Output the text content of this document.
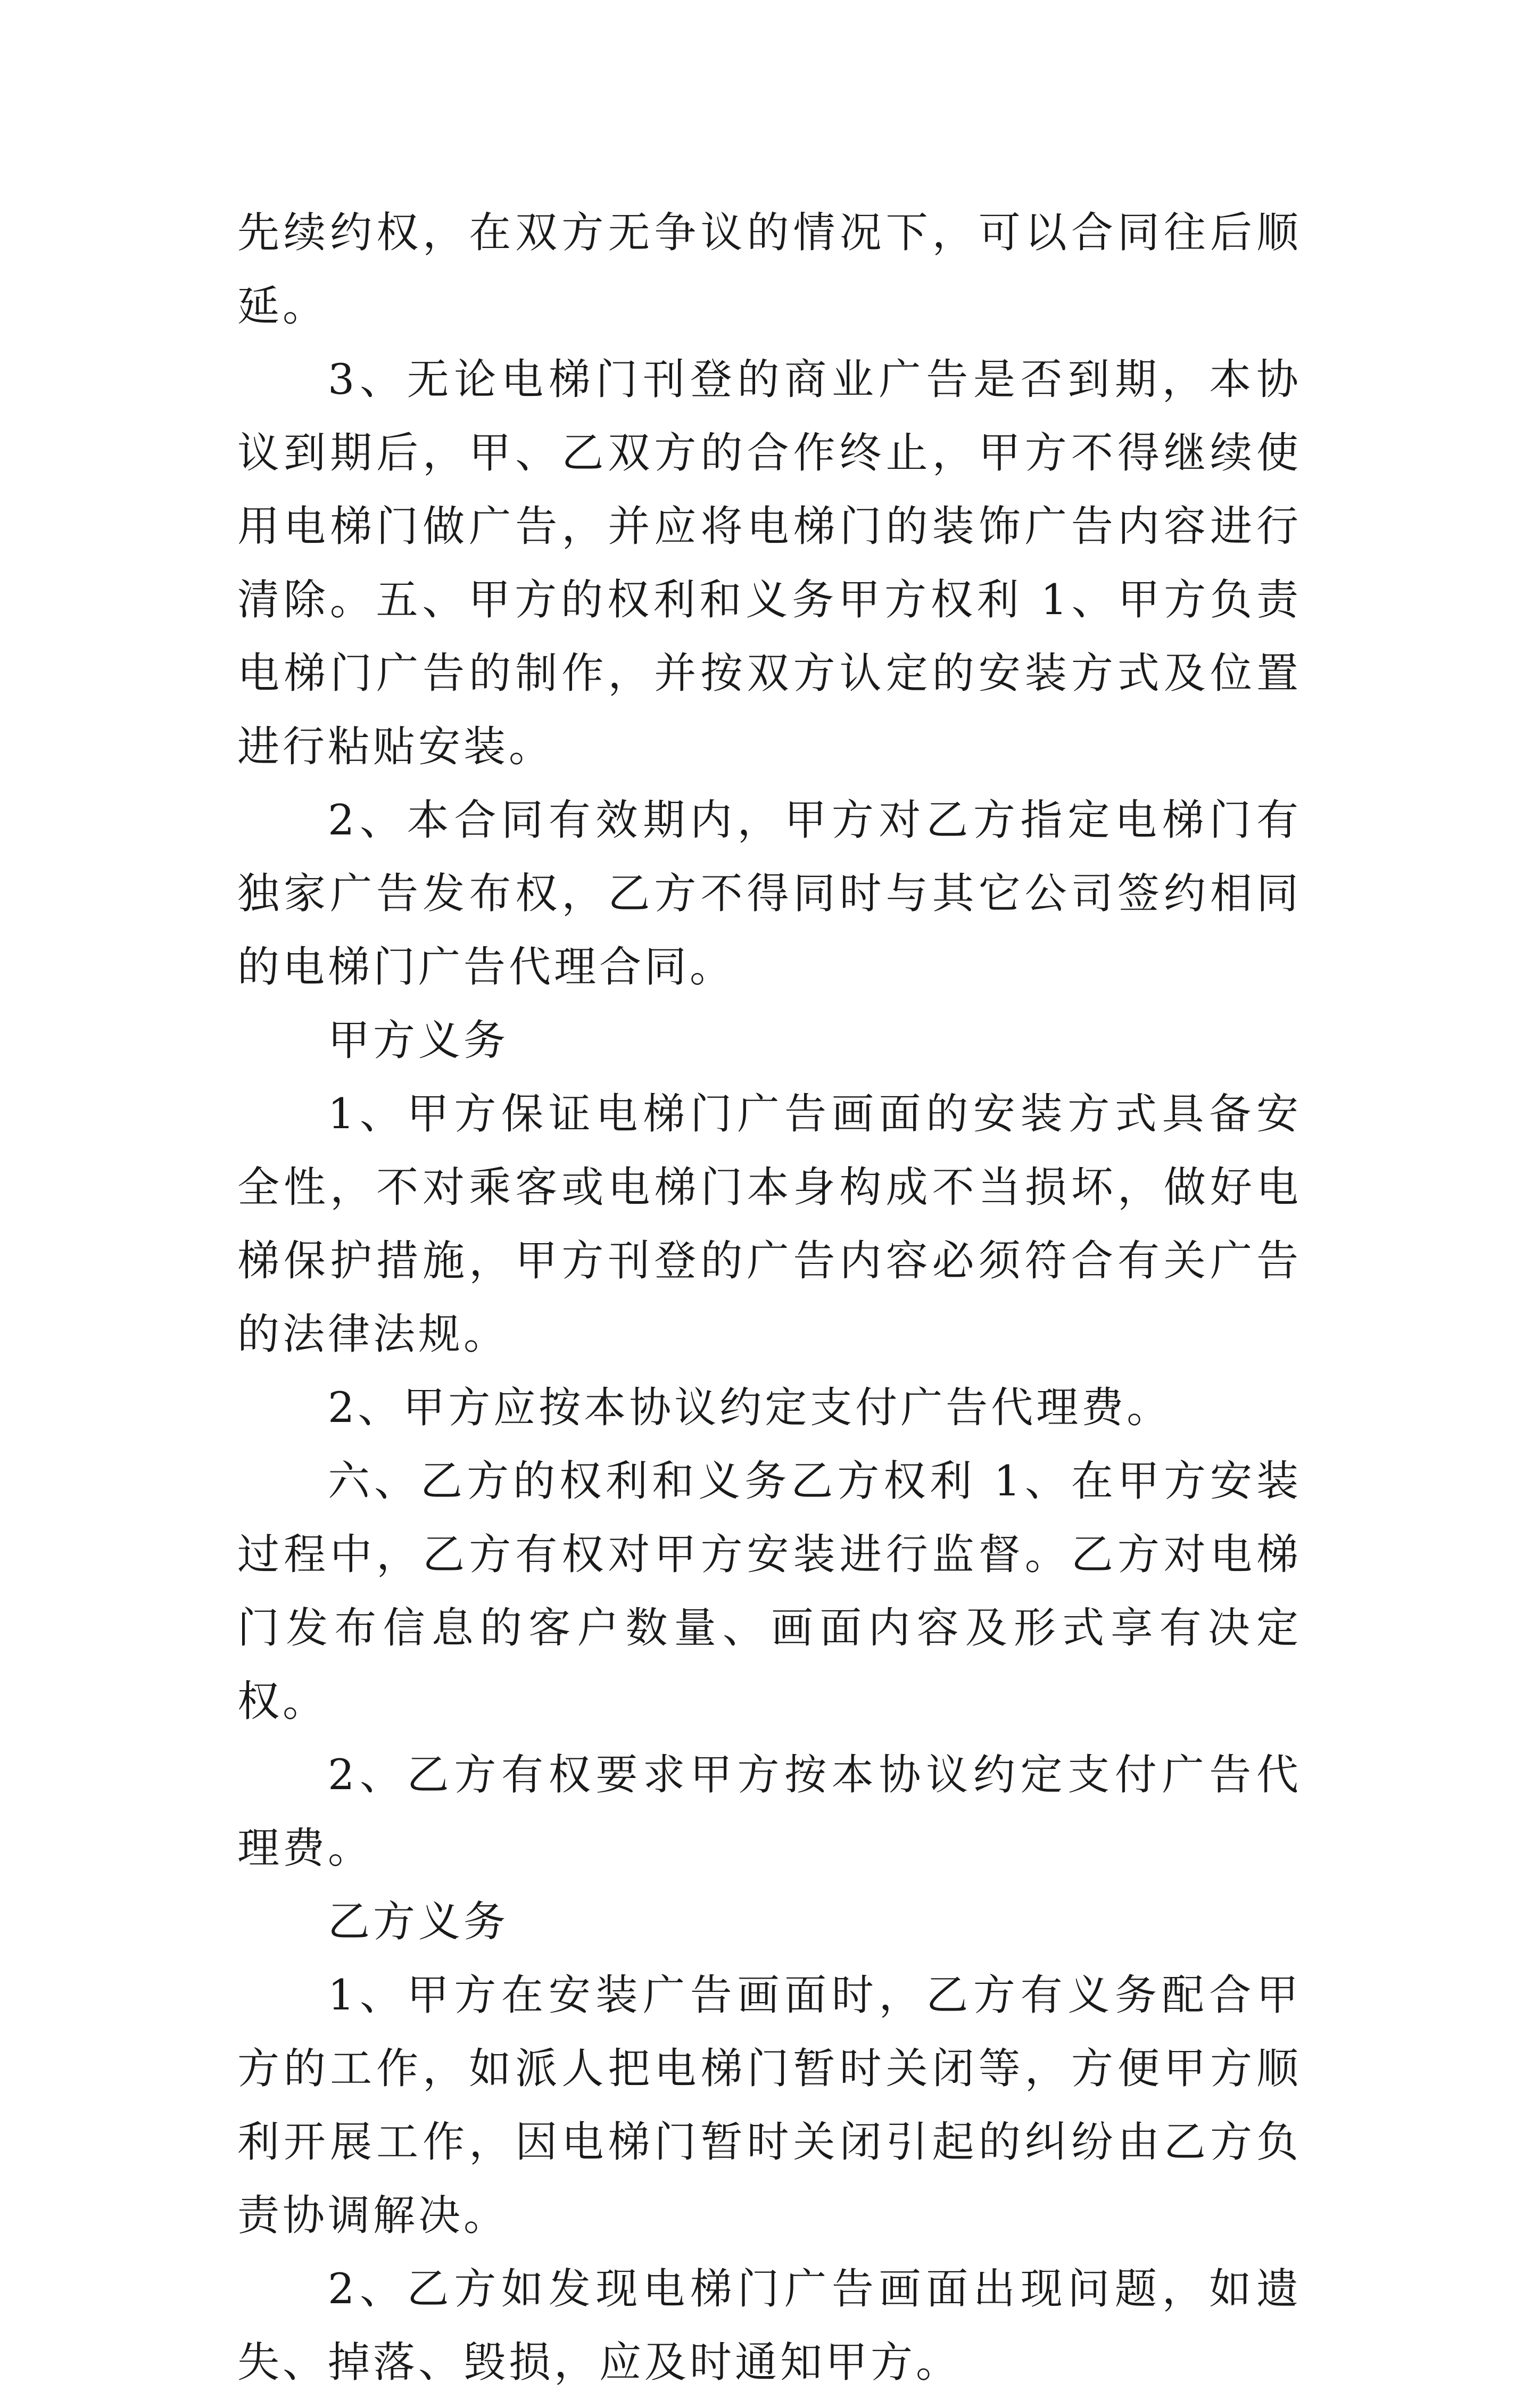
先续约权，在双方无争议的情况下，可以合同往后顺延。

3、无论电梯门刊登的商业广告是否到期，本协议到期后，甲、乙双方的合作终止，甲方不得继续使用电梯门做广告，并应将电梯门的装饰广告内容进行清除。五、甲方的权利和义务甲方权利 1、甲方负责电梯门广告的制作，并按双方认定的安装方式及位置进行粘贴安装。

2、本合同有效期内，甲方对乙方指定电梯门有独家广告发布权，乙方不得同时与其它公司签约相同的电梯门广告代理合同。

甲方义务

1、甲方保证电梯门广告画面的安装方式具备安全性，不对乘客或电梯门本身构成不当损坏，做好电梯保护措施，甲方刊登的广告内容必须符合有关广告的法律法规。

2、甲方应按本协议约定支付广告代理费。

六、乙方的权利和义务乙方权利 1、在甲方安装过程中，乙方有权对甲方安装进行监督。乙方对电梯门发布信息的客户数量、画面内容及形式享有决定权。

2、乙方有权要求甲方按本协议约定支付广告代理费。

乙方义务

1、甲方在安装广告画面时，乙方有义务配合甲方的工作，如派人把电梯门暂时关闭等，方便甲方顺利开展工作，因电梯门暂时关闭引起的纠纷由乙方负责协调解决。

2、乙方如发现电梯门广告画面出现问题，如遗失、掉落、毁损，应及时通知甲方。
